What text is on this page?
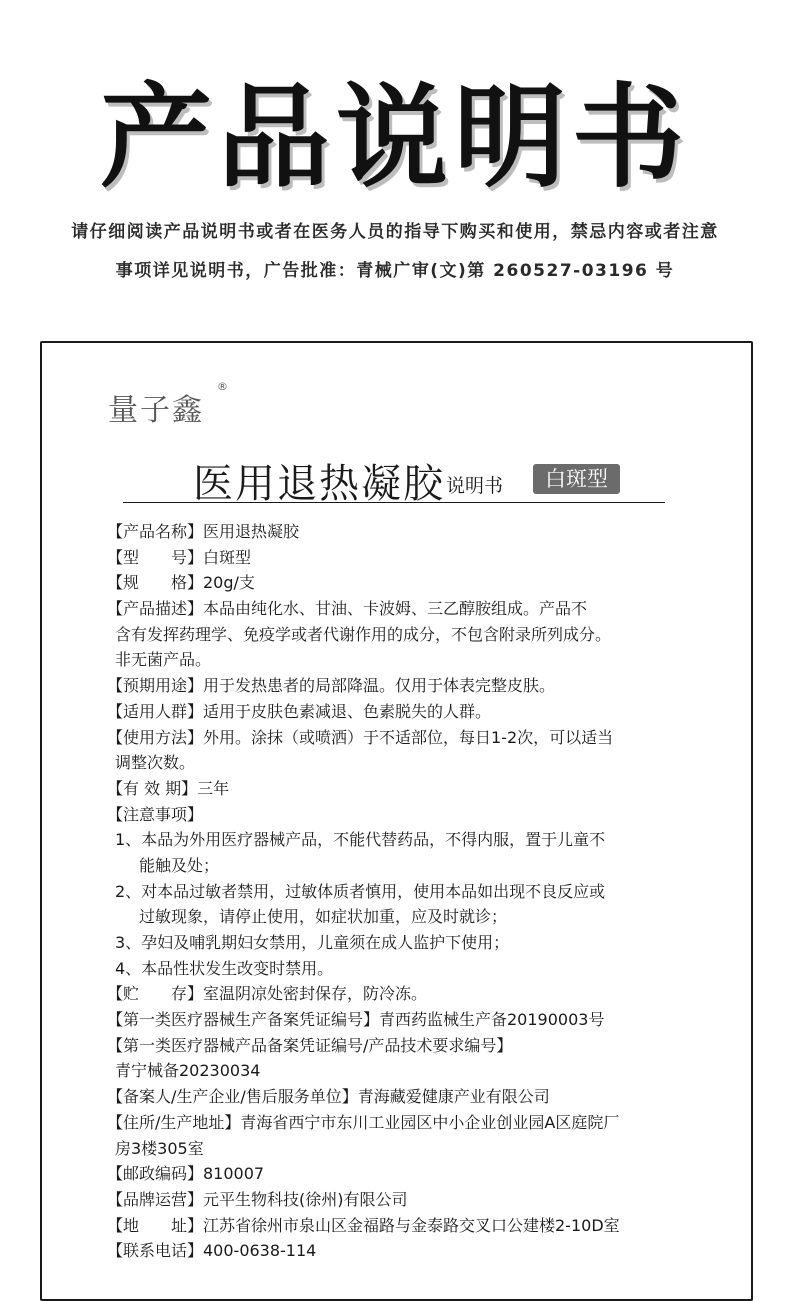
产品说明书
请仔细阅读产品说明书或者在医务人员的指导下购买和使用，禁忌内容或者注意
事项详见说明书，广告批准：青械广审(文)第 260527-03196 号
量子鑫
®
医用退热凝胶 说明书	白斑型
【产品名称】医用退热凝胶
【型　　号】白斑型
【规　　格】20g/支
【产品描述】本品由纯化水、甘油、卡波姆、三乙醇胺组成。产品不
含有发挥药理学、免疫学或者代谢作用的成分，不包含附录所列成分。
非无菌产品。
【预期用途】用于发热患者的局部降温。仅用于体表完整皮肤。
【适用人群】适用于皮肤色素减退、色素脱失的人群。
【使用方法】外用。涂抹（或喷洒）于不适部位，每日1-2次，可以适当
调整次数。
【有 效 期】三年
【注意事项】
1、本品为外用医疗器械产品，不能代替药品，不得内服，置于儿童不
能触及处；
2、对本品过敏者禁用，过敏体质者慎用，使用本品如出现不良反应或
过敏现象，请停止使用，如症状加重，应及时就诊；
3、孕妇及哺乳期妇女禁用，儿童须在成人监护下使用；
4、本品性状发生改变时禁用。
【贮　　存】室温阴凉处密封保存，防冷冻。
【第一类医疗器械生产备案凭证编号】青西药监械生产备20190003号
【第一类医疗器械产品备案凭证编号/产品技术要求编号】
青宁械备20230034
【备案人/生产企业/售后服务单位】青海藏爱健康产业有限公司
【住所/生产地址】青海省西宁市东川工业园区中小企业创业园A区庭院厂
房3楼305室
【邮政编码】810007
【品牌运营】元平生物科技(徐州)有限公司
【地　　址】江苏省徐州市泉山区金福路与金泰路交叉口公建楼2-10D室
【联系电话】400-0638-114
